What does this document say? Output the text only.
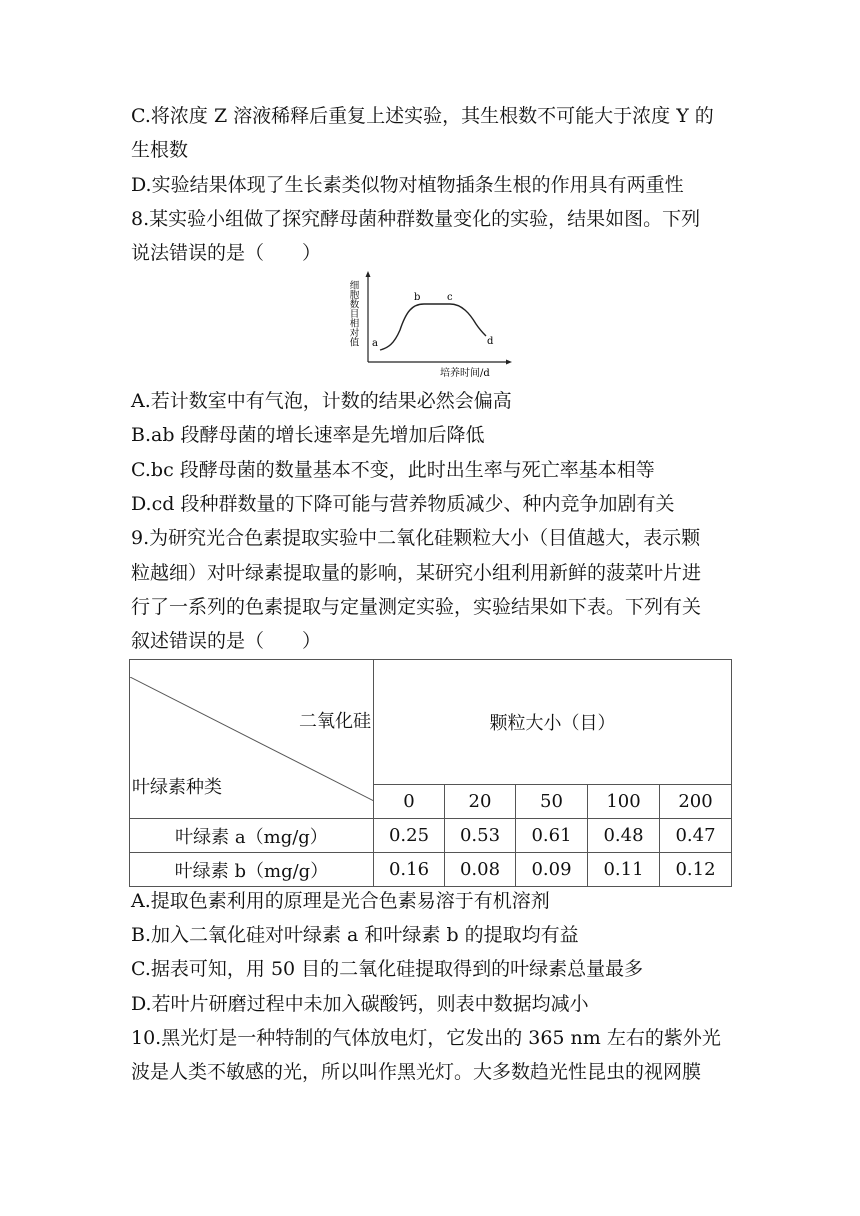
C.将浓度 Z 溶液稀释后重复上述实验，其生根数不可能大于浓度 Y 的
生根数
D.实验结果体现了生长素类似物对植物插条生根的作用具有两重性
8.某实验小组做了探究酵母菌种群数量变化的实验，结果如图。下列
说法错误的是（　　）
a
b	c
d
细胞数目相对值
培养时间/d
A.若计数室中有气泡，计数的结果必然会偏高
B.ab 段酵母菌的增长速率是先增加后降低
C.bc 段酵母菌的数量基本不变，此时出生率与死亡率基本相等
D.cd 段种群数量的下降可能与营养物质减少、种内竞争加剧有关
9.为研究光合色素提取实验中二氧化硅颗粒大小（目值越大，表示颗
粒越细）对叶绿素提取量的影响，某研究小组利用新鲜的菠菜叶片进
行了一系列的色素提取与定量测定实验，实验结果如下表。下列有关
叙述错误的是（　　）
二氧化硅
叶绿素种类	颗粒大小（目）				
	0	20	50	100	200
叶绿素 a（mg/g）	0.25	0.53	0.61	0.48	0.47
叶绿素 b（mg/g）	0.16	0.08	0.09	0.11	0.12
A.提取色素利用的原理是光合色素易溶于有机溶剂
B.加入二氧化硅对叶绿素 a 和叶绿素 b 的提取均有益
C.据表可知，用 50 目的二氧化硅提取得到的叶绿素总量最多
D.若叶片研磨过程中未加入碳酸钙，则表中数据均减小
10.黑光灯是一种特制的气体放电灯，它发出的 365 nm 左右的紫外光
波是人类不敏感的光，所以叫作黑光灯。大多数趋光性昆虫的视网膜
